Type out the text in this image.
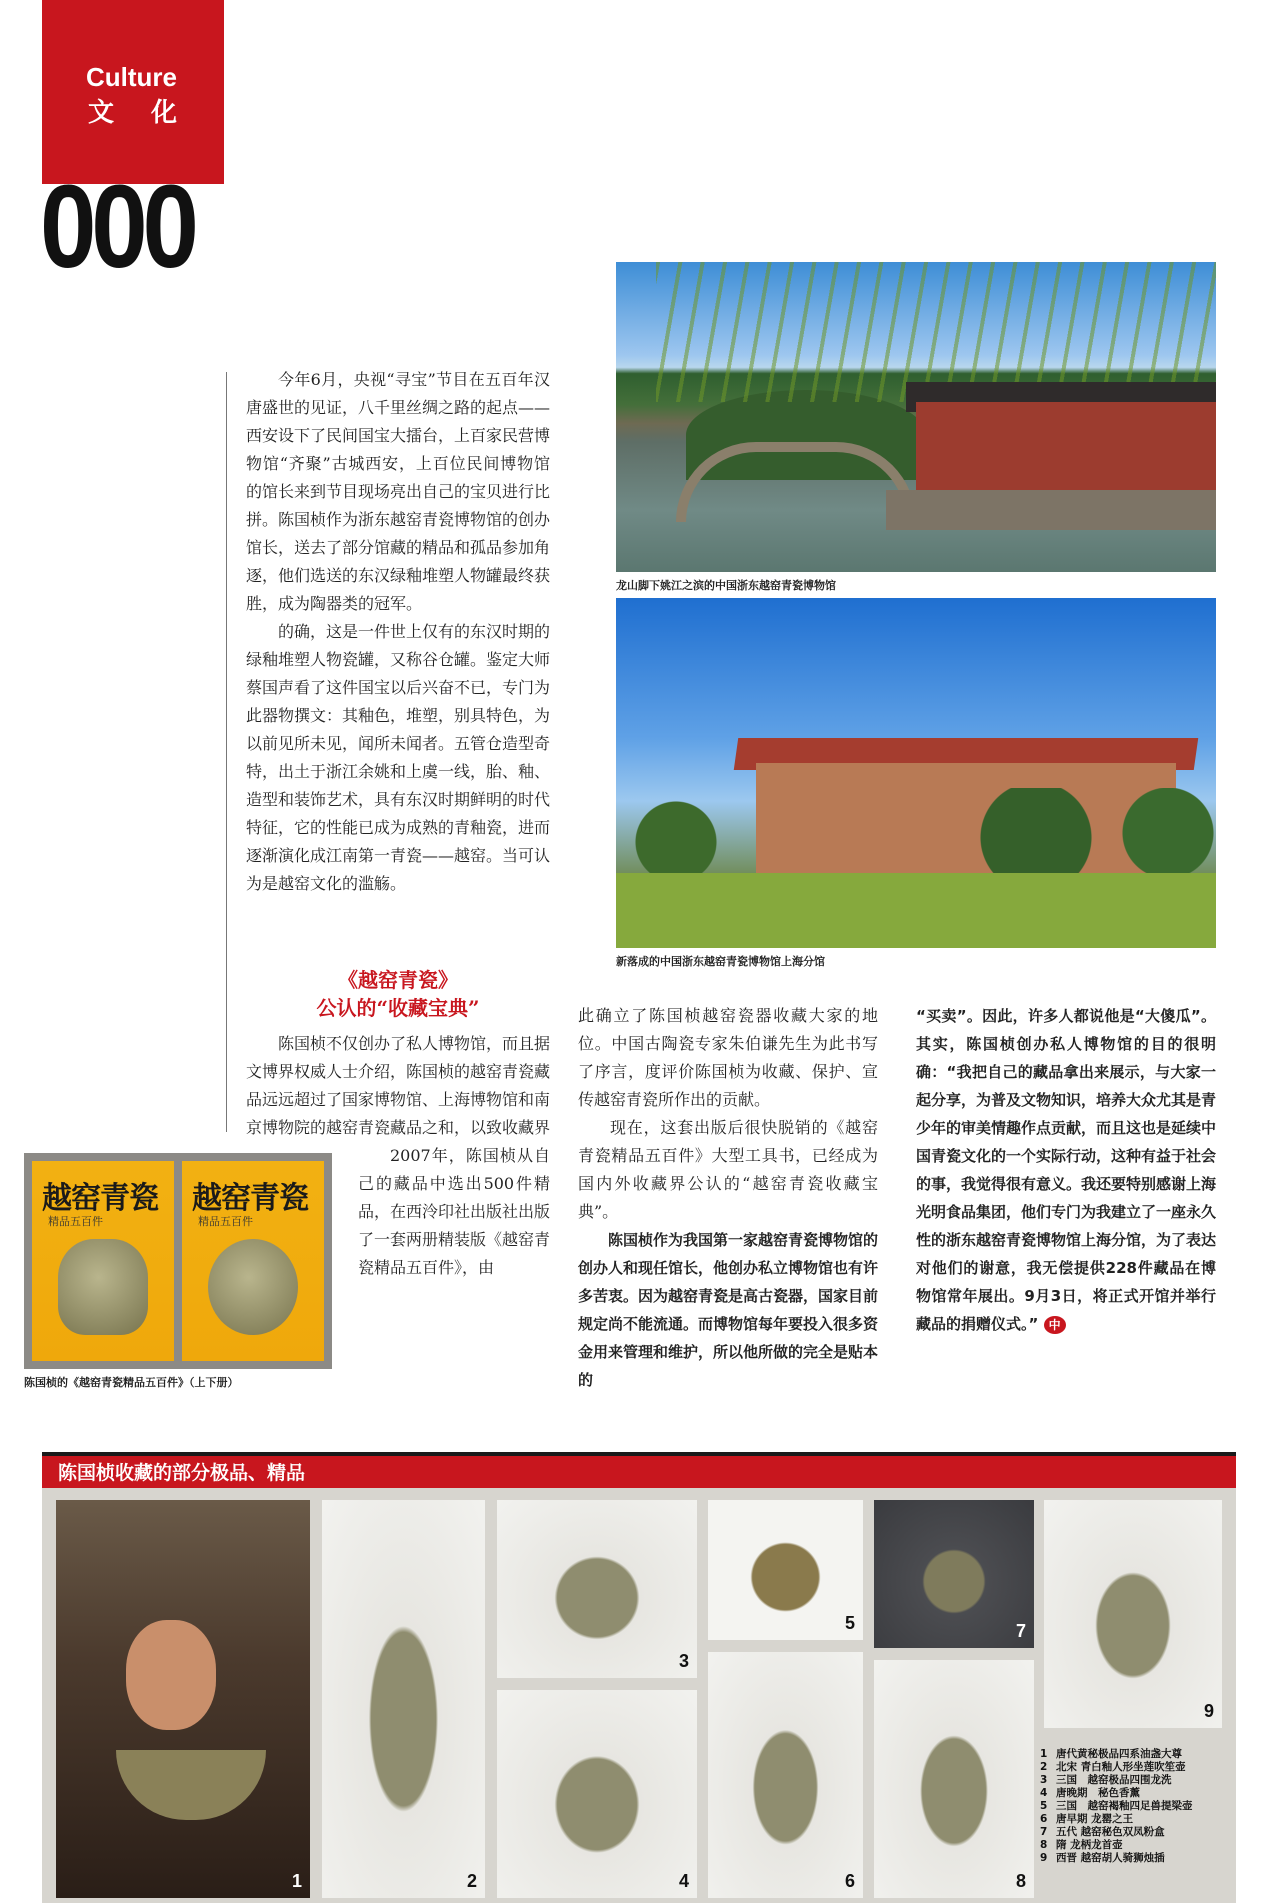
Culture
文 化
000
龙山脚下姚江之滨的中国浙东越窑青瓷博物馆
新落成的中国浙东越窑青瓷博物馆上海分馆

今年6月，央视“寻宝”节目在五百年汉唐盛世的见证，八千里丝绸之路的起点——西安设下了民间国宝大擂台，上百家民营博物馆“齐聚”古城西安，上百位民间博物馆的馆长来到节目现场亮出自己的宝贝进行比拼。陈国桢作为浙东越窑青瓷博物馆的创办馆长，送去了部分馆藏的精品和孤品参加角逐，他们选送的东汉绿釉堆塑人物罐最终获胜，成为陶器类的冠军。

的确，这是一件世上仅有的东汉时期的绿釉堆塑人物瓷罐，又称谷仓罐。鉴定大师蔡国声看了这件国宝以后兴奋不已，专门为此器物撰文：其釉色，堆塑，别具特色，为以前见所未见，闻所未闻者。五管仓造型奇特，出土于浙江余姚和上虞一线，胎、釉、造型和装饰艺术，具有东汉时期鲜明的时代特征，它的性能已成为成熟的青釉瓷，进而逐渐演化成江南第一青瓷——越窑。当可认为是越窑文化的滥觞。

《越窑青瓷》
公认的“收藏宝典”

陈国桢不仅创办了私人博物馆，而且据文博界权威人士介绍，陈国桢的越窑青瓷藏品远远超过了国家博物馆、上海博物馆和南京博物院的越窑青瓷藏品之和，以致收藏界

越窑青瓷
精品五百件
越窑青瓷
精品五百件
陈国桢的《越窑青瓷精品五百件》（上下册）

2007年，陈国桢从自己的藏品中选出500件精品，在西泠印社出版社出版了一套两册精装版《越窑青瓷精品五百件》，由

此确立了陈国桢越窑瓷器收藏大家的地位。中国古陶瓷专家朱伯谦先生为此书写了序言，度评价陈国桢为收藏、保护、宣传越窑青瓷所作出的贡献。

现在，这套出版后很快脱销的《越窑青瓷精品五百件》大型工具书，已经成为国内外收藏界公认的“越窑青瓷收藏宝典”。

陈国桢作为我国第一家越窑青瓷博物馆的创办人和现任馆长，他创办私立博物馆也有许多苦衷。因为越窑青瓷是高古瓷器，国家目前规定尚不能流通。而博物馆每年要投入很多资金用来管理和维护，所以他所做的完全是贴本的

“买卖”。因此，许多人都说他是“大傻瓜”。其实，陈国桢创办私人博物馆的目的很明确：“我把自己的藏品拿出来展示，与大家一起分享，为普及文物知识，培养大众尤其是青少年的审美情趣作点贡献，而且这也是延续中国青瓷文化的一个实际行动，这种有益于社会的事，我觉得很有意义。我还要特别感谢上海光明食品集团，他们专门为我建立了一座永久性的浙东越窑青瓷博物馆上海分馆，为了表达对他们的谢意，我无偿提供228件藏品在博物馆常年展出。9月3日，将正式开馆并举行藏品的捐赠仪式。” 中
陈国桢收藏的部分极品、精品
1	2
3
4
5
6
7
8
9
1 唐代黄秘极品四系油盏大尊
2 北宋 青白釉人形坐莲吹笙壶
3 三国　越窑极品四围龙洗
4 唐晚期　秘色香薰
5 三国　越窑褐釉四足兽提梁壶
6 唐早期 龙罂之王
7 五代 越窑秘色双凤粉盒
8 隋 龙柄龙首壶
9 西晋 越窑胡人骑狮烛插
